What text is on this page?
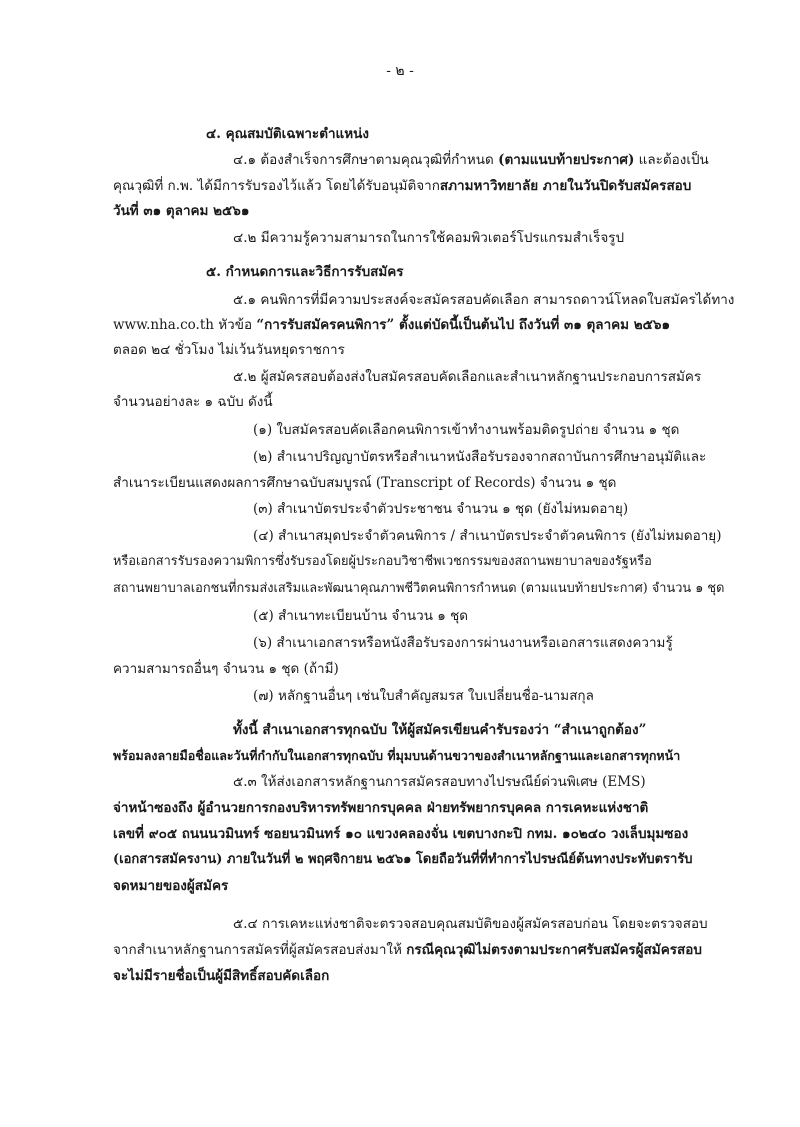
- ๒ -
๔. คุณสมบัติเฉพาะตำแหน่ง
๔.๑ ต้องสำเร็จการศึกษาตามคุณวุฒิที่กำหนด (ตามแนบท้ายประกาศ) และต้องเป็น
คุณวุฒิที่ ก.พ. ได้มีการรับรองไว้แล้ว โดยได้รับอนุมัติจากสภามหาวิทยาลัย ภายในวันปิดรับสมัครสอบ
วันที่ ๓๑ ตุลาคม ๒๕๖๑
๔.๒ มีความรู้ความสามารถในการใช้คอมพิวเตอร์โปรแกรมสำเร็จรูป
๕. กำหนดการและวิธีการรับสมัคร
๕.๑ คนพิการที่มีความประสงค์จะสมัครสอบคัดเลือก สามารถดาวน์โหลดใบสมัครได้ทาง
www.nha.co.th หัวข้อ “การรับสมัครคนพิการ” ตั้งแต่บัดนี้เป็นต้นไป ถึงวันที่ ๓๑ ตุลาคม ๒๕๖๑
ตลอด ๒๔ ชั่วโมง ไม่เว้นวันหยุดราชการ
๕.๒ ผู้สมัครสอบต้องส่งใบสมัครสอบคัดเลือกและสำเนาหลักฐานประกอบการสมัคร
จำนวนอย่างละ ๑ ฉบับ ดังนี้
(๑) ใบสมัครสอบคัดเลือกคนพิการเข้าทำงานพร้อมติดรูปถ่าย จำนวน ๑ ชุด
(๒) สำเนาปริญญาบัตรหรือสำเนาหนังสือรับรองจากสถาบันการศึกษาอนุมัติและ
สำเนาระเบียนแสดงผลการศึกษาฉบับสมบูรณ์ (Transcript of Records) จำนวน ๑ ชุด
(๓) สำเนาบัตรประจำตัวประชาชน จำนวน ๑ ชุด (ยังไม่หมดอายุ)
(๔) สำเนาสมุดประจำตัวคนพิการ / สำเนาบัตรประจำตัวคนพิการ (ยังไม่หมดอายุ)
หรือเอกสารรับรองความพิการซึ่งรับรองโดยผู้ประกอบวิชาชีพเวชกรรมของสถานพยาบาลของรัฐหรือ
สถานพยาบาลเอกชนที่กรมส่งเสริมและพัฒนาคุณภาพชีวิตคนพิการกำหนด (ตามแนบท้ายประกาศ) จำนวน ๑ ชุด
(๕) สำเนาทะเบียนบ้าน จำนวน ๑ ชุด
(๖) สำเนาเอกสารหรือหนังสือรับรองการผ่านงานหรือเอกสารแสดงความรู้
ความสามารถอื่นๆ จำนวน ๑ ชุด (ถ้ามี)
(๗) หลักฐานอื่นๆ เช่นใบสำคัญสมรส ใบเปลี่ยนชื่อ-นามสกุล
ทั้งนี้ สำเนาเอกสารทุกฉบับ ให้ผู้สมัครเขียนคำรับรองว่า “สำเนาถูกต้อง”
พร้อมลงลายมือชื่อและวันที่กำกับในเอกสารทุกฉบับ ที่มุมบนด้านขวาของสำเนาหลักฐานและเอกสารทุกหน้า
๕.๓ ให้ส่งเอกสารหลักฐานการสมัครสอบทางไปรษณีย์ด่วนพิเศษ (EMS)
จ่าหน้าซองถึง ผู้อำนวยการกองบริหารทรัพยากรบุคคล ฝ่ายทรัพยากรบุคคล การเคหะแห่งชาติ
เลขที่ ๙๐๕ ถนนนวมินทร์ ซอยนวมินทร์ ๑๐ แขวงคลองจั่น เขตบางกะปิ กทม. ๑๐๒๔๐ วงเล็บมุมซอง
(เอกสารสมัครงาน) ภายในวันที่ ๒ พฤศจิกายน ๒๕๖๑ โดยถือวันที่ที่ทำการไปรษณีย์ต้นทางประทับตรารับ
จดหมายของผู้สมัคร
๕.๔ การเคหะแห่งชาติจะตรวจสอบคุณสมบัติของผู้สมัครสอบก่อน โดยจะตรวจสอบ
จากสำเนาหลักฐานการสมัครที่ผู้สมัครสอบส่งมาให้ กรณีคุณวุฒิไม่ตรงตามประกาศรับสมัครผู้สมัครสอบ
จะไม่มีรายชื่อเป็นผู้มีสิทธิ์สอบคัดเลือก
